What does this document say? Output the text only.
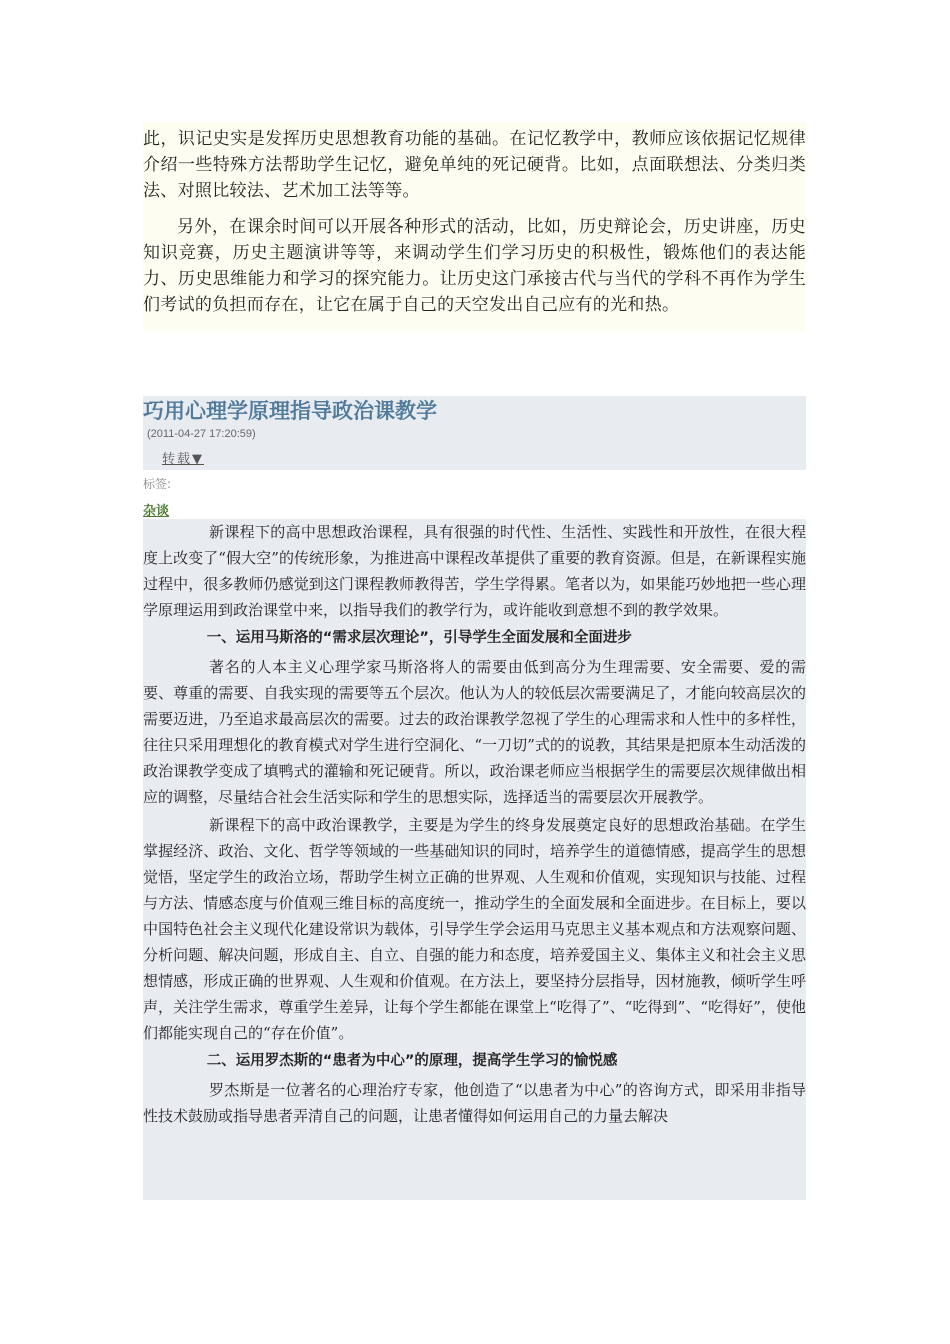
此，识记史实是发挥历史思想教育功能的基础。在记忆教学中，教师应该依据记忆规律介绍一些特殊方法帮助学生记忆，避免单纯的死记硬背。比如，点面联想法、分类归类法、对照比较法、艺术加工法等等。

另外，在课余时间可以开展各种形式的活动，比如，历史辩论会，历史讲座，历史知识竞赛，历史主题演讲等等，来调动学生们学习历史的积极性，锻炼他们的表达能力、历史思维能力和学习的探究能力。让历史这门承接古代与当代的学科不再作为学生们考试的负担而存在，让它在属于自己的天空发出自己应有的光和热。

巧用心理学原理指导政治课教学
(2011-04-27 17:20:59)
转载▼
标签:
杂谈

新课程下的高中思想政治课程，具有很强的时代性、生活性、实践性和开放性，在很大程度上改变了“假大空”的传统形象，为推进高中课程改革提供了重要的教育资源。但是，在新课程实施过程中，很多教师仍感觉到这门课程教师教得苦，学生学得累。笔者以为，如果能巧妙地把一些心理学原理运用到政治课堂中来，以指导我们的教学行为，或许能收到意想不到的教学效果。

一、运用马斯洛的“需求层次理论”，引导学生全面发展和全面进步

著名的人本主义心理学家马斯洛将人的需要由低到高分为生理需要、安全需要、爱的需要、尊重的需要、自我实现的需要等五个层次。他认为人的较低层次需要满足了，才能向较高层次的需要迈进，乃至追求最高层次的需要。过去的政治课教学忽视了学生的心理需求和人性中的多样性，往往只采用理想化的教育模式对学生进行空洞化、“一刀切”式的的说教，其结果是把原本生动活泼的政治课教学变成了填鸭式的灌输和死记硬背。所以，政治课老师应当根据学生的需要层次规律做出相应的调整，尽量结合社会生活实际和学生的思想实际，选择适当的需要层次开展教学。

新课程下的高中政治课教学，主要是为学生的终身发展奠定良好的思想政治基础。在学生掌握经济、政治、文化、哲学等领域的一些基础知识的同时，培养学生的道德情感，提高学生的思想觉悟，坚定学生的政治立场，帮助学生树立正确的世界观、人生观和价值观，实现知识与技能、过程与方法、情感态度与价值观三维目标的高度统一，推动学生的全面发展和全面进步。在目标上，要以中国特色社会主义现代化建设常识为载体，引导学生学会运用马克思主义基本观点和方法观察问题、分析问题、解决问题，形成自主、自立、自强的能力和态度，培养爱国主义、集体主义和社会主义思想情感，形成正确的世界观、人生观和价值观。在方法上，要坚持分层指导，因材施教，倾听学生呼声，关注学生需求，尊重学生差异，让每个学生都能在课堂上“吃得了”、“吃得到”、“吃得好”，使他们都能实现自己的“存在价值”。

二、运用罗杰斯的“患者为中心”的原理，提高学生学习的愉悦感

罗杰斯是一位著名的心理治疗专家，他创造了“以患者为中心”的咨询方式，即采用非指导性技术鼓励或指导患者弄清自己的问题，让患者懂得如何运用自己的力量去解决
